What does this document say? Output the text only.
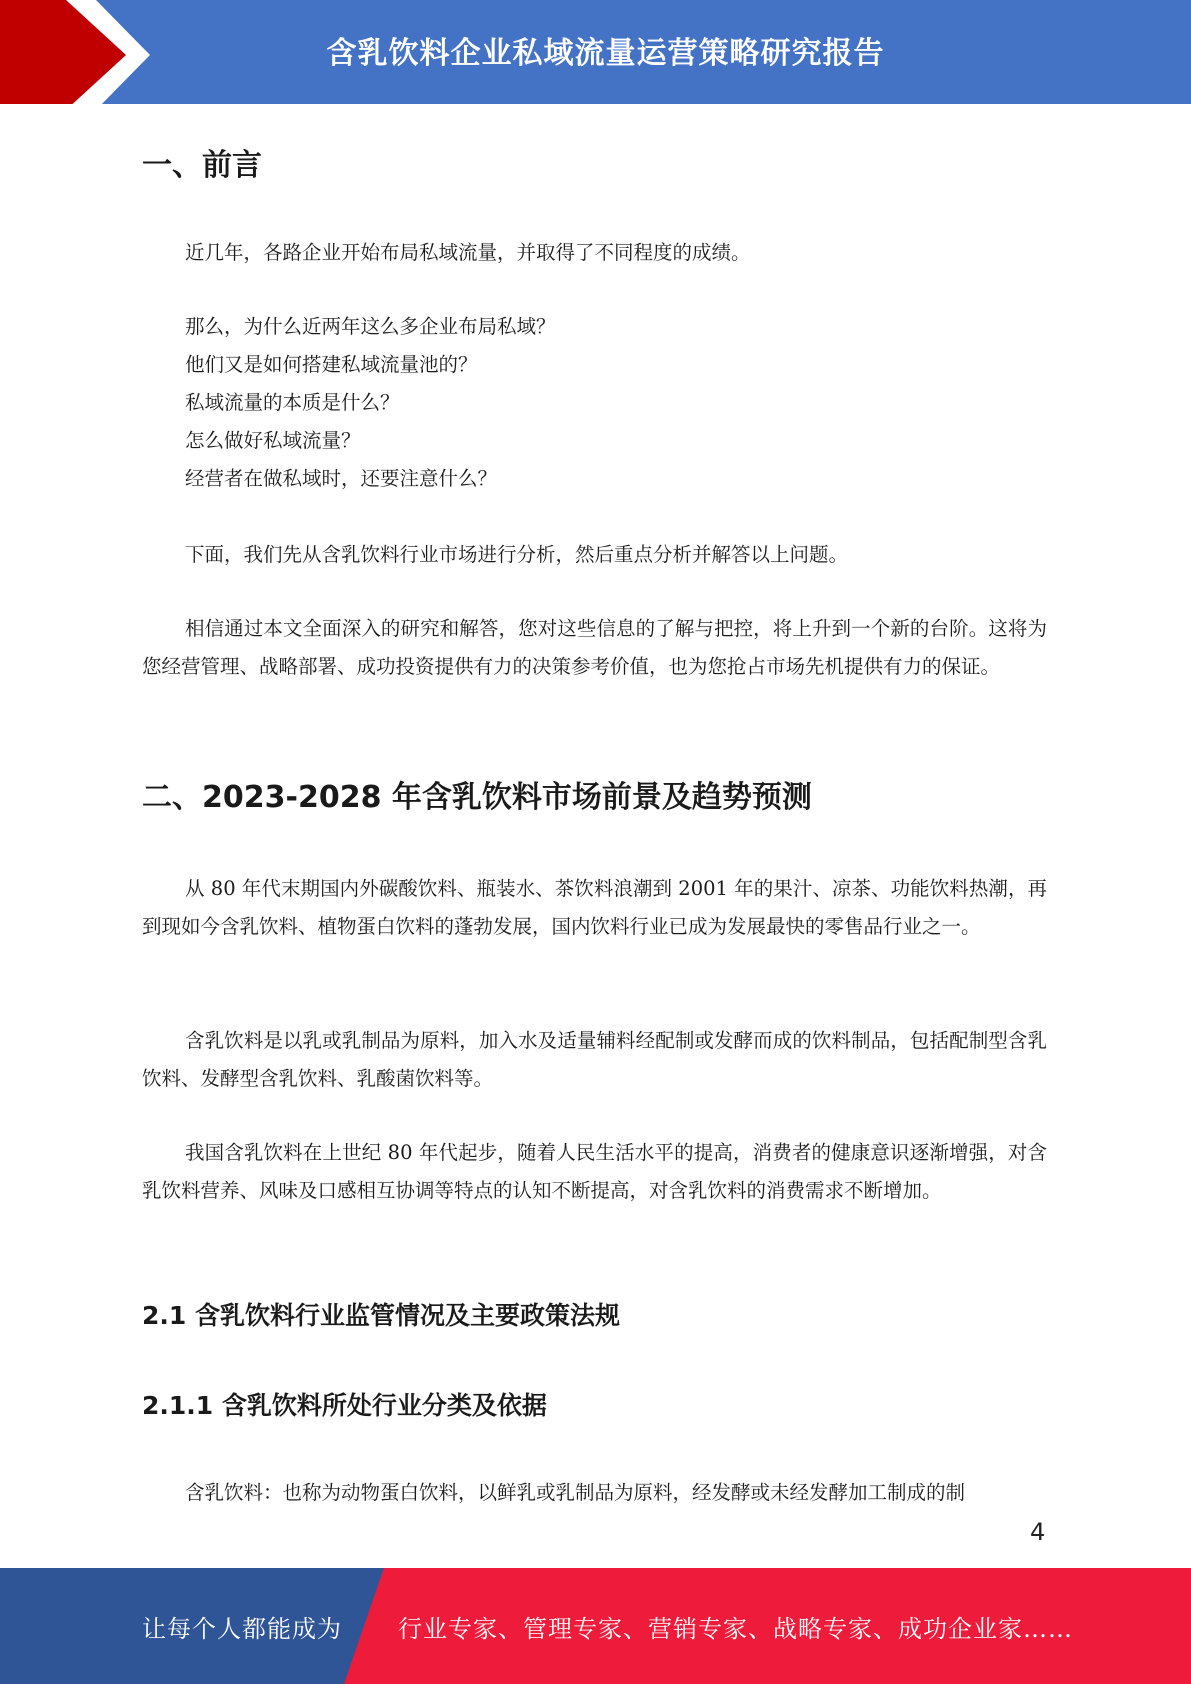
含乳饮料企业私域流量运营策略研究报告
一、前言

近几年，各路企业开始布局私域流量，并取得了不同程度的成绩。

那么，为什么近两年这么多企业布局私域？

他们又是如何搭建私域流量池的？

私域流量的本质是什么？

怎么做好私域流量？

经营者在做私域时，还要注意什么？

下面，我们先从含乳饮料行业市场进行分析，然后重点分析并解答以上问题。

相信通过本文全面深入的研究和解答，您对这些信息的了解与把控，将上升到一个新的台阶。这将为您经营管理、战略部署、成功投资提供有力的决策参考价值，也为您抢占市场先机提供有力的保证。

二、2023-2028 年含乳饮料市场前景及趋势预测

从 80 年代末期国内外碳酸饮料、瓶装水、茶饮料浪潮到 2001 年的果汁、凉茶、功能饮料热潮，再到现如今含乳饮料、植物蛋白饮料的蓬勃发展，国内饮料行业已成为发展最快的零售品行业之一。

含乳饮料是以乳或乳制品为原料，加入水及适量辅料经配制或发酵而成的饮料制品，包括配制型含乳饮料、发酵型含乳饮料、乳酸菌饮料等。

我国含乳饮料在上世纪 80 年代起步，随着人民生活水平的提高，消费者的健康意识逐渐增强，对含乳饮料营养、风味及口感相互协调等特点的认知不断提高，对含乳饮料的消费需求不断增加。

2.1 含乳饮料行业监管情况及主要政策法规
2.1.1 含乳饮料所处行业分类及依据

含乳饮料：也称为动物蛋白饮料，以鲜乳或乳制品为原料，经发酵或未经发酵加工制成的制

4
让每个人都能成为 行业专家、管理专家、营销专家、战略专家、成功企业家……
